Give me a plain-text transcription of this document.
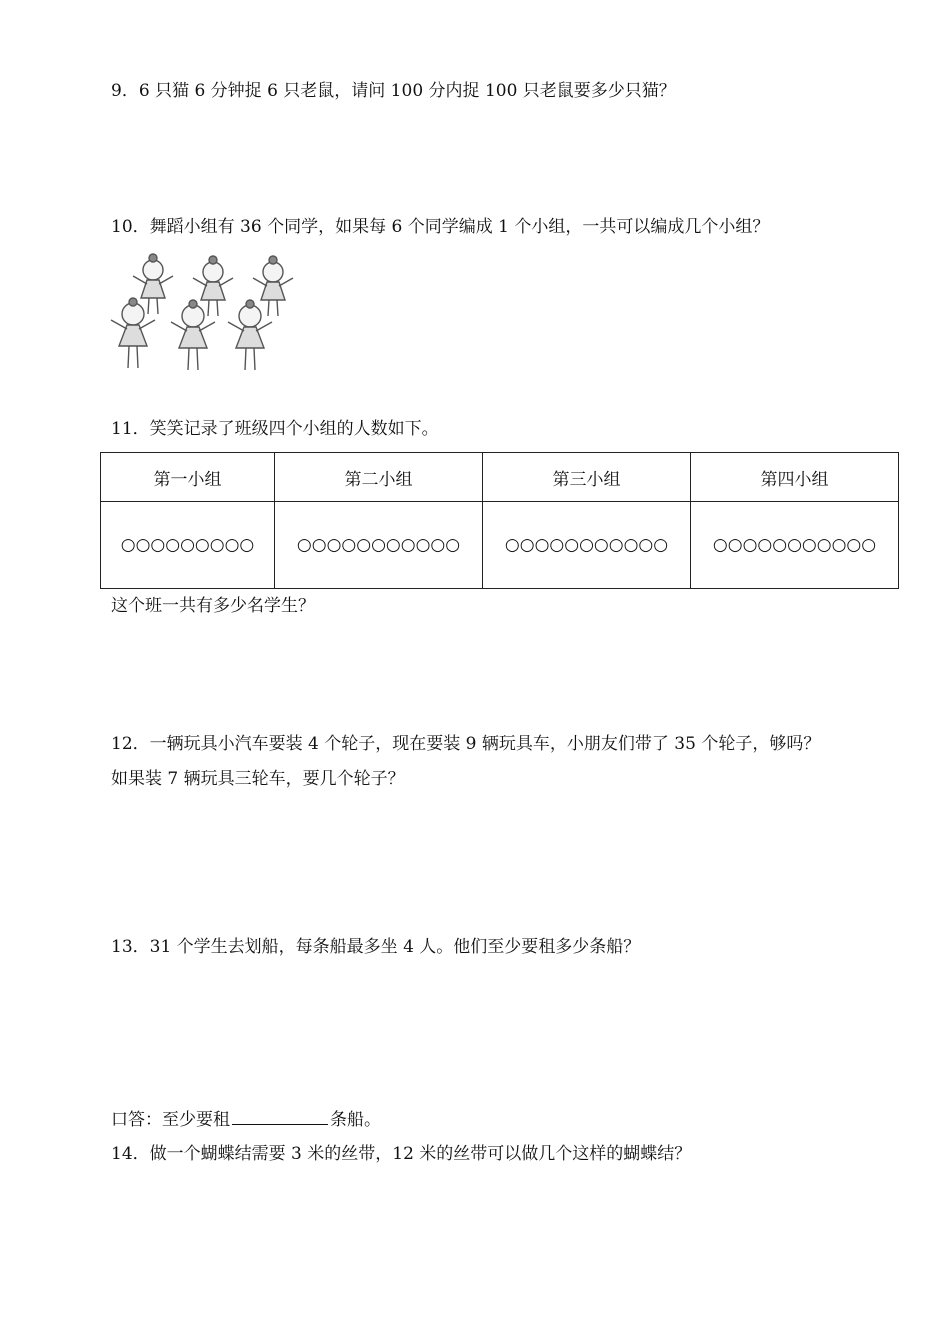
9．6 只猫 6 分钟捉 6 只老鼠，请问 100 分内捉 100 只老鼠要多少只猫？
10．舞蹈小组有 36 个同学，如果每 6 个同学编成 1 个小组，一共可以编成几个小组？
11．笑笑记录了班级四个小组的人数如下。
第一小组	第二小组	第三小组	第四小组
○○○○○○○○○	○○○○○○○○○○○	○○○○○○○○○○○	○○○○○○○○○○○
这个班一共有多少名学生？
12．一辆玩具小汽车要装 4 个轮子，现在要装 9 辆玩具车，小朋友们带了 35 个轮子，够吗？
如果装 7 辆玩具三轮车，要几个轮子？
13．31 个学生去划船，每条船最多坐 4 人。他们至少要租多少条船？
口答：至少要租	条船。
14．做一个蝴蝶结需要 3 米的丝带，12 米的丝带可以做几个这样的蝴蝶结？
